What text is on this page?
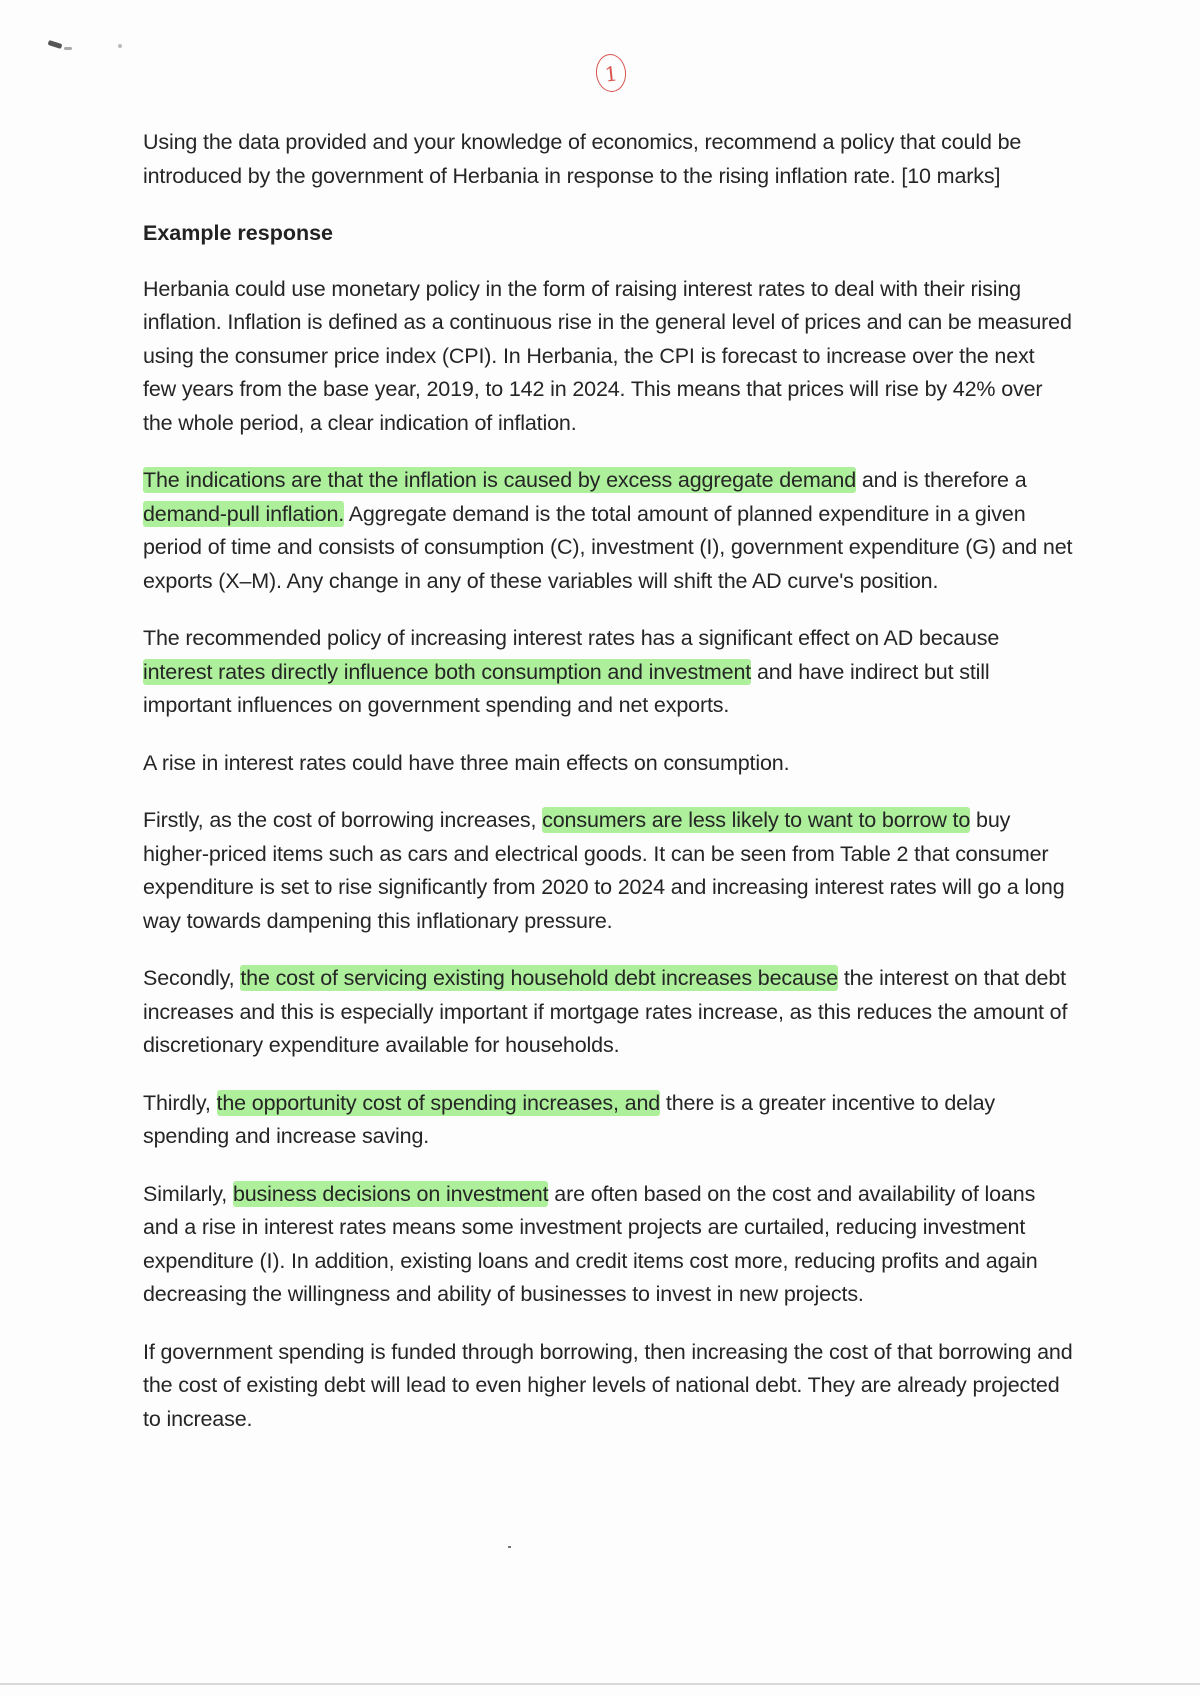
1

Using the data provided and your knowledge of economics, recommend a policy that could be introduced by the government of Herbania in response to the rising inflation rate. [10 marks]

Example response

Herbania could use monetary policy in the form of raising interest rates to deal with their rising inflation. Inflation is defined as a continuous rise in the general level of prices and can be measured using the consumer price index (CPI). In Herbania, the CPI is forecast to increase over the next few years from the base year, 2019, to 142 in 2024. This means that prices will rise by 42% over the whole period, a clear indication of inflation.

The indications are that the inflation is caused by excess aggregate demand and is therefore a demand-pull inflation. Aggregate demand is the total amount of planned expenditure in a given period of time and consists of consumption (C), investment (I), government expenditure (G) and net exports (X–M). Any change in any of these variables will shift the AD curve's position.

The recommended policy of increasing interest rates has a significant effect on AD because interest rates directly influence both consumption and investment and have indirect but still important influences on government spending and net exports.

A rise in interest rates could have three main effects on consumption.

Firstly, as the cost of borrowing increases, consumers are less likely to want to borrow to buy higher-priced items such as cars and electrical goods. It can be seen from Table 2 that consumer expenditure is set to rise significantly from 2020 to 2024 and increasing interest rates will go a long way towards dampening this inflationary pressure.

Secondly, the cost of servicing existing household debt increases because the interest on that debt increases and this is especially important if mortgage rates increase, as this reduces the amount of discretionary expenditure available for households.

Thirdly, the opportunity cost of spending increases, and there is a greater incentive to delay spending and increase saving.

Similarly, business decisions on investment are often based on the cost and availability of loans and a rise in interest rates means some investment projects are curtailed, reducing investment expenditure (I). In addition, existing loans and credit items cost more, reducing profits and again decreasing the willingness and ability of businesses to invest in new projects.

If government spending is funded through borrowing, then increasing the cost of that borrowing and the cost of existing debt will lead to even higher levels of national debt. They are already projected to increase.
